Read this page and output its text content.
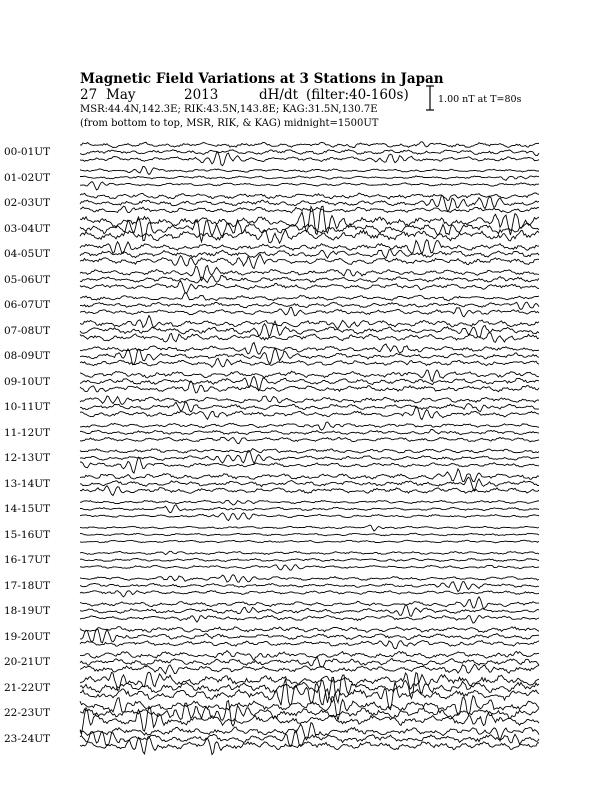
Magnetic Field Variations at 3 Stations in Japan
27 May	2013	dH/dt (filter:40-160s)
MSR:44.4N,142.3E; RIK:43.5N,143.8E; KAG:31.5N,130.7E
(from bottom to top, MSR, RIK, & KAG) midnight=1500UT
1.00 nT at T=80s
00-01UT
01-02UT
02-03UT
03-04UT
04-05UT
05-06UT
06-07UT
07-08UT
08-09UT
09-10UT
10-11UT
11-12UT
12-13UT
13-14UT
14-15UT
15-16UT
16-17UT
17-18UT
18-19UT
19-20UT
20-21UT
21-22UT
22-23UT
23-24UT
